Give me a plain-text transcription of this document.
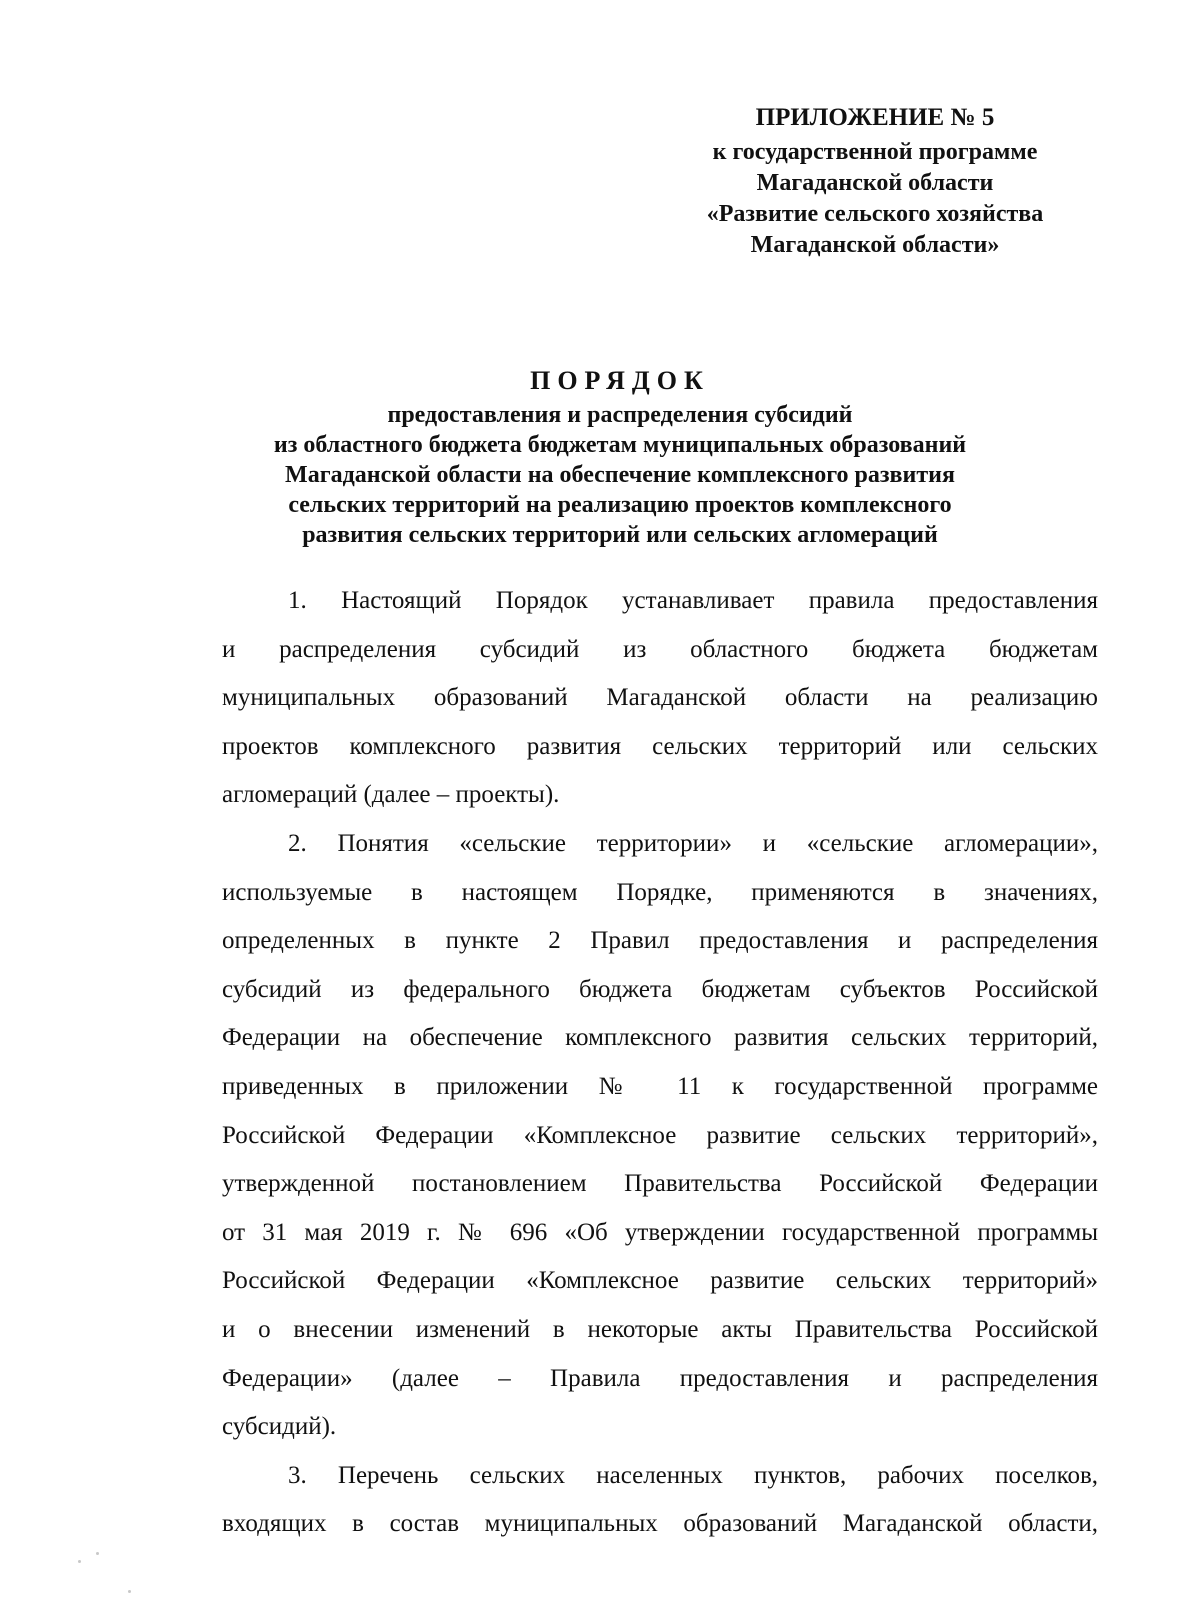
ПРИЛОЖЕНИЕ № 5
к государственной программе
Магаданской области
«Развитие сельского хозяйства
Магаданской области»
ПОРЯДОК
предоставления и распределения субсидий
из областного бюджета бюджетам муниципальных образований
Магаданской области на обеспечение комплексного развития
сельских территорий на реализацию проектов комплексного
развития сельских территорий или сельских агломераций
1. Настоящий Порядок устанавливает правила предоставления
и распределения субсидий из областного бюджета бюджетам
муниципальных образований Магаданской области на реализацию
проектов комплексного развития сельских территорий или сельских
агломераций (далее – проекты).
2. Понятия «сельские территории» и «сельские агломерации»,
используемые в настоящем Порядке, применяются в значениях,
определенных в пункте 2 Правил предоставления и распределения
субсидий из федерального бюджета бюджетам субъектов Российской
Федерации на обеспечение комплексного развития сельских территорий,
приведенных в приложении № 11 к государственной программе
Российской Федерации «Комплексное развитие сельских территорий»,
утвержденной постановлением Правительства Российской Федерации
от 31 мая 2019 г. № 696 «Об утверждении государственной программы
Российской Федерации «Комплексное развитие сельских территорий»
и о внесении изменений в некоторые акты Правительства Российской
Федерации» (далее – Правила предоставления и распределения
субсидий).
3. Перечень сельских населенных пунктов, рабочих поселков,
входящих в состав муниципальных образований Магаданской области,
